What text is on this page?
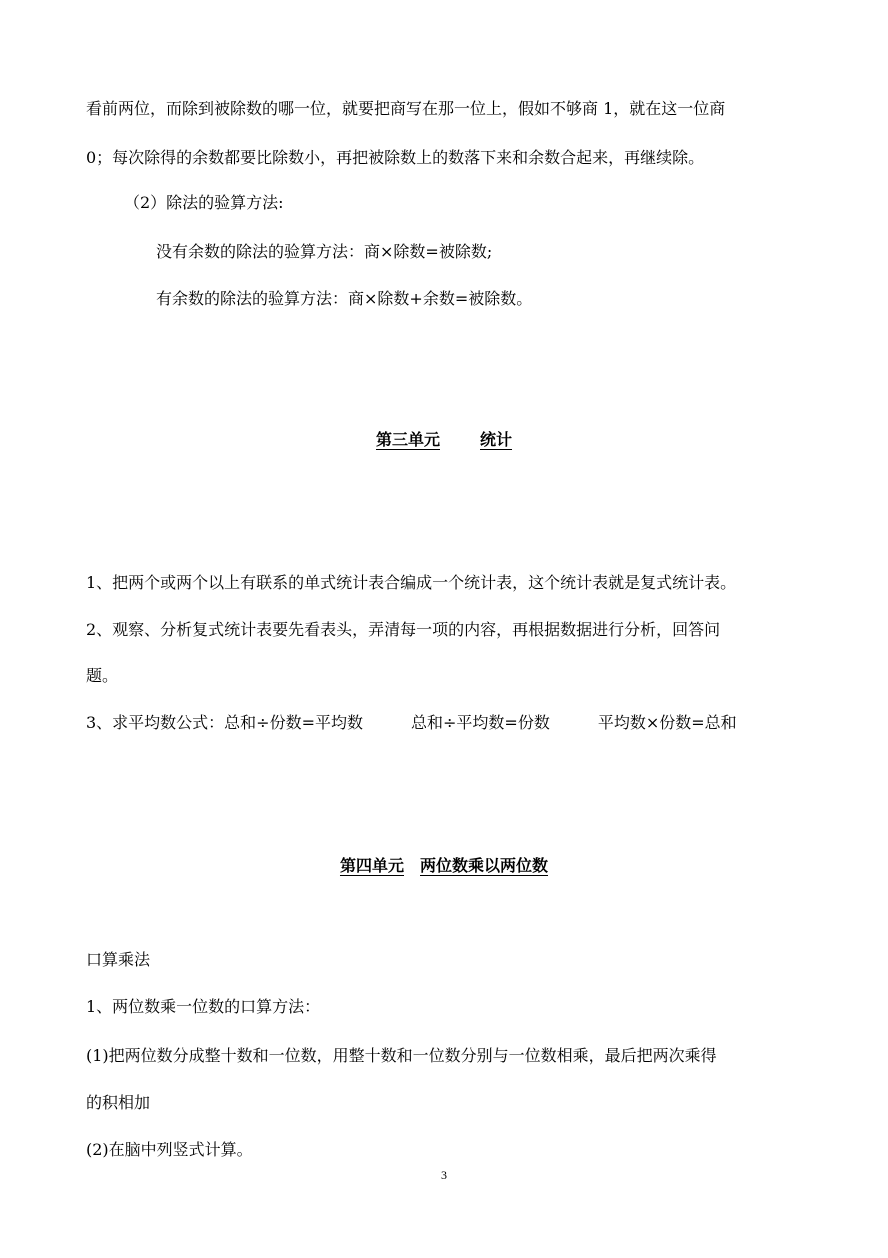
看前两位，而除到被除数的哪一位，就要把商写在那一位上，假如不够商 1，就在这一位商
0；每次除得的余数都要比除数小，再把被除数上的数落下来和余数合起来，再继续除。
（2）除法的验算方法:
没有余数的除法的验算方法：商×除数=被除数;
有余数的除法的验算方法：商×除数+余数=被除数。
第三单元	统计
1、把两个或两个以上有联系的单式统计表合编成一个统计表，这个统计表就是复式统计表。
2、观察、分析复式统计表要先看表头，弄清每一项的内容，再根据数据进行分析，回答问
题。
3、求平均数公式：总和÷份数=平均数	总和÷平均数=份数	平均数×份数=总和
第四单元 两位数乘以两位数
口算乘法
1、两位数乘一位数的口算方法：
(1)把两位数分成整十数和一位数，用整十数和一位数分别与一位数相乘，最后把两次乘得
的积相加
(2)在脑中列竖式计算。
3
